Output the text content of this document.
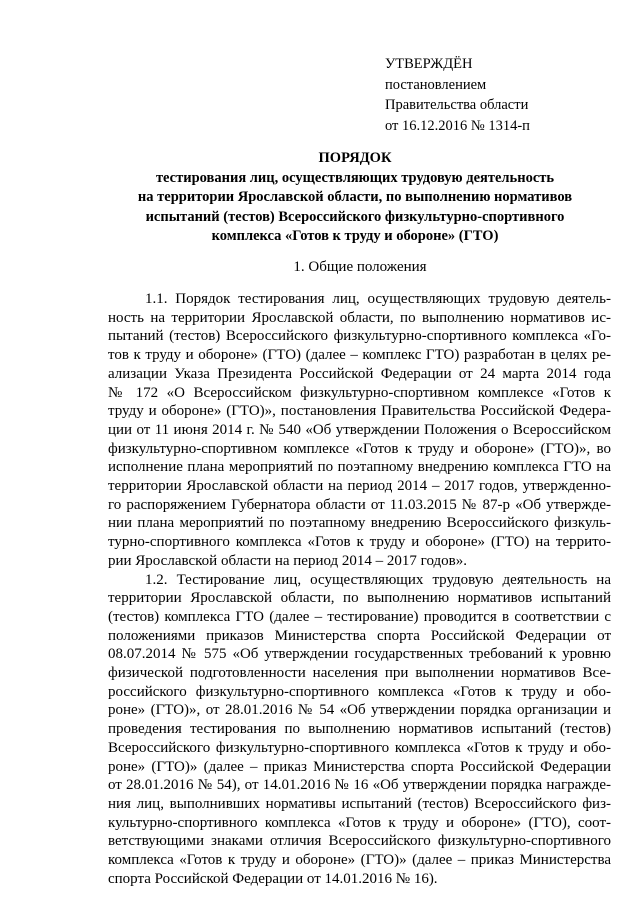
УТВЕРЖДЁН
постановлением
Правительства области
от 16.12.2016 № 1314-п
ПОРЯДОК
тестирования лиц, осуществляющих трудовую деятельность
на территории Ярославской области, по выполнению нормативов
испытаний (тестов) Всероссийского физкультурно-спортивного
комплекса «Готов к труду и обороне» (ГТО)
1. Общие положения
1.1. Порядок тестирования лиц, осуществляющих трудовую деятель-
ность на территории Ярославской области, по выполнению нормативов ис-
пытаний (тестов) Всероссийского физкультурно-спортивного комплекса «Го-
тов к труду и обороне» (ГТО) (далее – комплекс ГТО) разработан в целях ре-
ализации Указа Президента Российской Федерации от 24 марта 2014 года
№ 172 «О Всероссийском физкультурно-спортивном комплексе «Готов к
труду и обороне» (ГТО)», постановления Правительства Российской Федера-
ции от 11 июня 2014 г. № 540 «Об утверждении Положения о Всероссийском
физкультурно-спортивном комплексе «Готов к труду и обороне» (ГТО)», во
исполнение плана мероприятий по поэтапному внедрению комплекса ГТО на
территории Ярославской области на период 2014 – 2017 годов, утвержденно-
го распоряжением Губернатора области от 11.03.2015 № 87-р «Об утвержде-
нии плана мероприятий по поэтапному внедрению Всероссийского физкуль-
турно-спортивного комплекса «Готов к труду и обороне» (ГТО) на террито-
рии Ярославской области на период 2014 – 2017 годов».
1.2. Тестирование лиц, осуществляющих трудовую деятельность на
территории Ярославской области, по выполнению нормативов испытаний
(тестов) комплекса ГТО (далее – тестирование) проводится в соответствии с
положениями приказов Министерства спорта Российской Федерации от
08.07.2014 № 575 «Об утверждении государственных требований к уровню
физической подготовленности населения при выполнении нормативов Все-
российского физкультурно-спортивного комплекса «Готов к труду и обо-
роне» (ГТО)», от 28.01.2016 № 54 «Об утверждении порядка организации и
проведения тестирования по выполнению нормативов испытаний (тестов)
Всероссийского физкультурно-спортивного комплекса «Готов к труду и обо-
роне» (ГТО)» (далее – приказ Министерства спорта Российской Федерации
от 28.01.2016 № 54), от 14.01.2016 № 16 «Об утверждении порядка награжде-
ния лиц, выполнивших нормативы испытаний (тестов) Всероссийского физ-
культурно-спортивного комплекса «Готов к труду и обороне» (ГТО), соот-
ветствующими знаками отличия Всероссийского физкультурно-спортивного
комплекса «Готов к труду и обороне» (ГТО)» (далее – приказ Министерства
спорта Российской Федерации от 14.01.2016 № 16).
